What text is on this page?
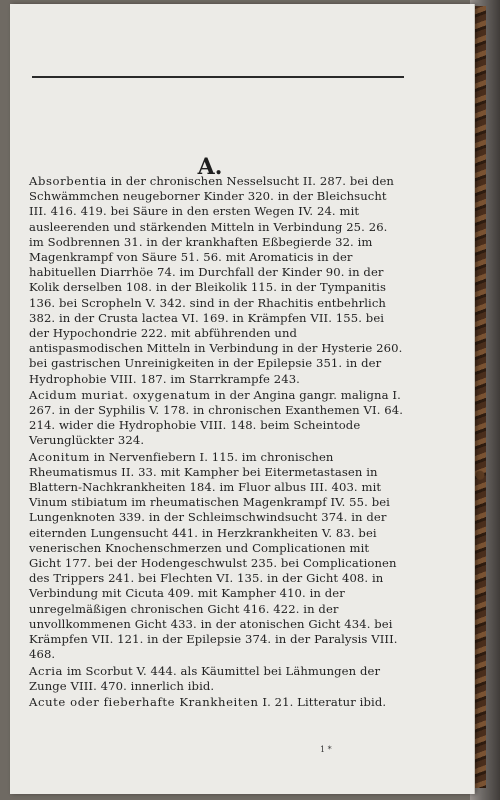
A.

Absorbentia in der chronischen Nesselsucht II. 287. bei den Schwämmchen neugeborner Kinder 320. in der Bleichsucht III. 416. 419. bei Säure in den ersten Wegen IV. 24. mit ausleerenden und stärkenden Mitteln in Verbindung 25. 26. im Sodbrennen 31. in der krankhaften Eßbegierde 32. im Magenkrampf von Säure 51. 56. mit Aromaticis in der habituellen Diarrhöe 74. im Durchfall der Kinder 90. in der Kolik derselben 108. in der Bleikolik 115. in der Tympanitis 136. bei Scropheln V. 342. sind in der Rhachitis entbehrlich 382. in der Crusta lactea VI. 169. in Krämpfen VII. 155. bei der Hypochondrie 222. mit abführenden und antispasmodischen Mitteln in Verbindung in der Hysterie 260. bei gastrischen Unreinigkeiten in der Epilepsie 351. in der Hydrophobie VIII. 187. im Starrkrampfe 243.

Acidum muriat. oxygenatum in der Angina gangr. maligna I. 267. in der Syphilis V. 178. in chronischen Exanthemen VI. 64. 214. wider die Hydrophobie VIII. 148. beim Scheintode Verunglückter 324.

Aconitum in Nervenfiebern I. 115. im chronischen Rheumatismus II. 33. mit Kampher bei Eitermetastasen in Blattern-Nachkrankheiten 184. im Fluor albus III. 403. mit Vinum stibiatum im rheumatischen Magenkrampf IV. 55. bei Lungenknoten 339. in der Schleimschwindsucht 374. in der eiternden Lungensucht 441. in Herzkrankheiten V. 83. bei venerischen Knochenschmerzen und Complicationen mit Gicht 177. bei der Hodengeschwulst 235. bei Complicationen des Trippers 241. bei Flechten VI. 135. in der Gicht 408. in Verbindung mit Cicuta 409. mit Kampher 410. in der unregelmäßigen chronischen Gicht 416. 422. in der unvollkommenen Gicht 433. in der atonischen Gicht 434. bei Krämpfen VII. 121. in der Epilepsie 374. in der Paralysis VIII. 468.

Acria im Scorbut V. 444. als Käumittel bei Lähmungen der Zunge VIII. 470. innerlich ibid.

Acute oder fieberhafte Krankheiten I. 21. Litteratur ibid.

1 *
